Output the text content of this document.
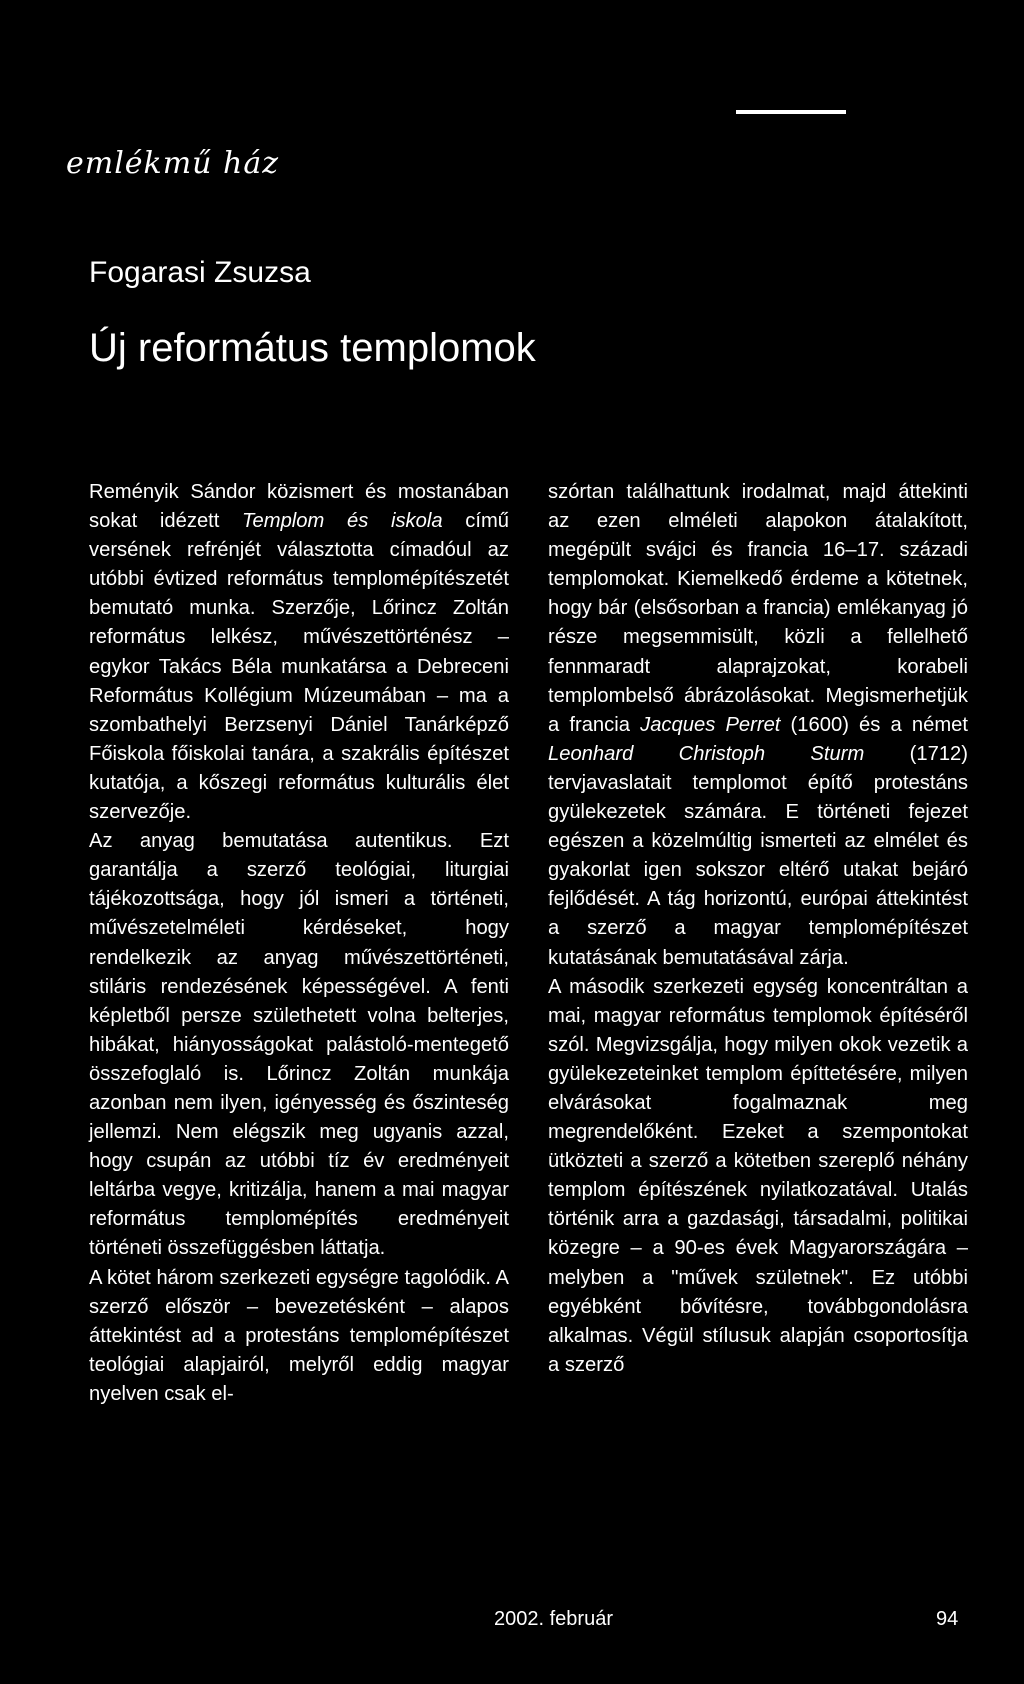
emlékmű ház
Fogarasi Zsuzsa
Új református templomok

Reményik Sándor közismert és mostanában sokat idézett Templom és iskola című versének refrénjét választotta címadóul az utóbbi évtized református templomépítészetét bemutató munka. Szerzője, Lőrincz Zoltán református lelkész, művészettörténész – egykor Takács Béla munkatársa a Debreceni Református Kollégium Múzeumában – ma a szombathelyi Berzsenyi Dániel Tanárképző Főiskola főiskolai tanára, a szakrális építészet kutatója, a kőszegi református kulturális élet szervezője.

Az anyag bemutatása autentikus. Ezt garantálja a szerző teológiai, liturgiai tájékozottsága, hogy jól ismeri a történeti, művészetelméleti kérdéseket, hogy rendelkezik az anyag művészettörténeti, stiláris rendezésének képességével. A fenti képletből persze születhetett volna belterjes, hibákat, hiányosságokat palástoló-mentegető összefoglaló is. Lőrincz Zoltán munkája azonban nem ilyen, igényesség és őszinteség jellemzi. Nem elégszik meg ugyanis azzal, hogy csupán az utóbbi tíz év eredményeit leltárba vegye, kritizálja, hanem a mai magyar református templomépítés eredményeit történeti összefüggésben láttatja.

A kötet három szerkezeti egységre tagolódik. A szerző először – bevezetésként – alapos áttekintést ad a protestáns templomépítészet teológiai alapjairól, melyről eddig magyar nyelven csak el-

szórtan találhattunk irodalmat, majd áttekinti az ezen elméleti alapokon átalakított, megépült svájci és francia 16–17. századi templomokat. Kiemelkedő érdeme a kötetnek, hogy bár (elsősorban a francia) emlékanyag jó része megsemmisült, közli a fellelhető fennmaradt alaprajzokat, korabeli templombelső ábrázolásokat. Megismerhetjük a francia Jacques Perret (1600) és a német Leonhard Christoph Sturm (1712) tervjavaslatait templomot építő protestáns gyülekezetek számára. E történeti fejezet egészen a közelmúltig ismerteti az elmélet és gyakorlat igen sokszor eltérő utakat bejáró fejlődését. A tág horizontú, európai áttekintést a szerző a magyar templomépítészet kutatásának bemutatásával zárja.

A második szerkezeti egység koncentráltan a mai, magyar református templomok építéséről szól. Megvizsgálja, hogy milyen okok vezetik a gyülekezeteinket templom építtetésére, milyen elvárásokat fogalmaznak meg megrendelőként. Ezeket a szempontokat ütközteti a szerző a kötetben szereplő néhány templom építészének nyilatkozatával. Utalás történik arra a gazdasági, társadalmi, politikai közegre – a 90-es évek Magyarországára – melyben a "művek születnek". Ez utóbbi egyébként bővítésre, továbbgondolásra alkalmas. Végül stílusuk alapján csoportosítja a szerző

2002. február	94
